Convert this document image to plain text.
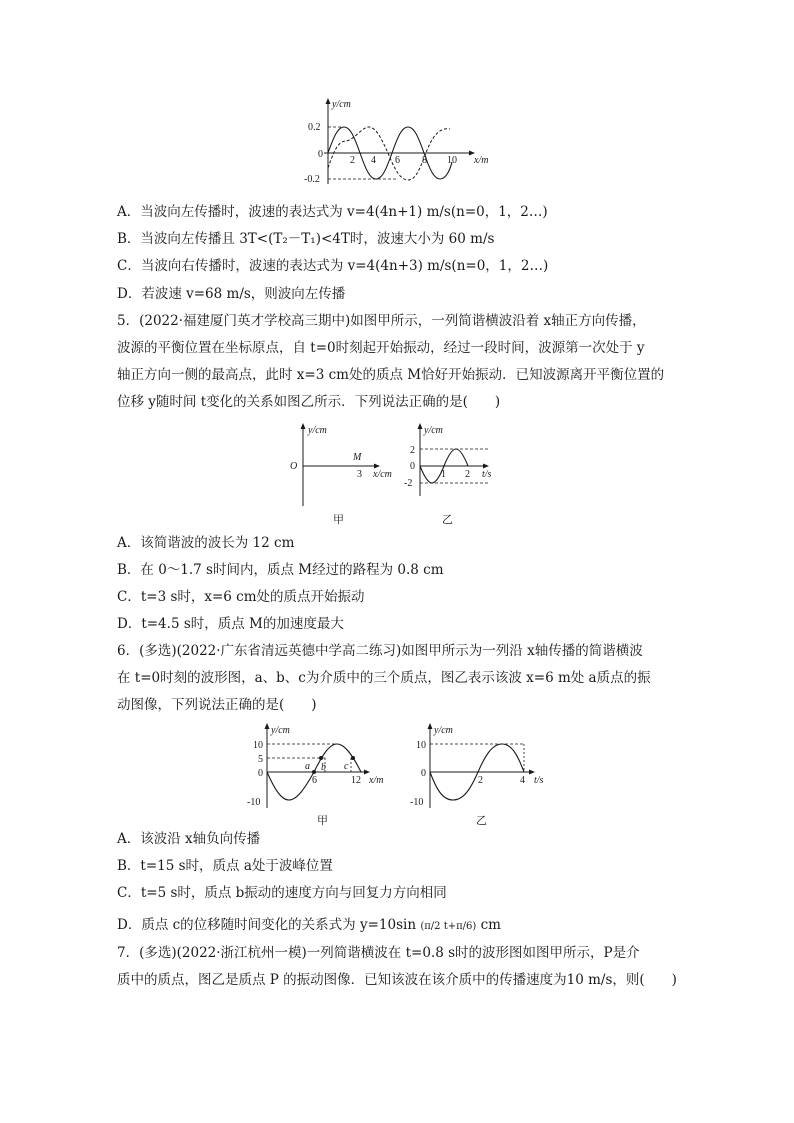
y/cm
x/m
0.2
0
-0.2
2 4 6 8 10
A．当波向左传播时，波速的表达式为 v=4(4n+1) m/s(n=0，1，2…)
B．当波向左传播且 3T<(T₂－T₁)<4T时，波速大小为 60 m/s
C．当波向右传播时，波速的表达式为 v=4(4n+3) m/s(n=0，1，2…)
D．若波速 v=68 m/s，则波向左传播
5．(2022·福建厦门英才学校高三期中)如图甲所示，一列简谐横波沿着 x轴正方向传播，
波源的平衡位置在坐标原点，自 t=0时刻起开始振动，经过一段时间，波源第一次处于 y
轴正方向一侧的最高点，此时 x=3 cm处的质点 M恰好开始振动．已知波源离开平衡位置的
位移 y随时间 t变化的关系如图乙所示．下列说法正确的是(　　)
y/cm
x/cm
O
M
3
甲
y/cm
t/s
2
0
-2
1 2
乙
A．该简谐波的波长为 12 cm
B．在 0～1.7 s时间内，质点 M经过的路程为 0.8 cm
C．t=3 s时，x=6 cm处的质点开始振动
D．t=4.5 s时，质点 M的加速度最大
6．(多选)(2022·广东省清远英德中学高二练习)如图甲所示为一列沿 x轴传播的简谐横波
在 t=0时刻的波形图，a、b、c为介质中的三个质点，图乙表示该波 x=6 m处 a质点的振
动图像，下列说法正确的是(　　)
y/cm
x/m
10
5
0
-10
6	12
a b c
甲
y/cm
t/s
10
0
-10
2	4
乙
A．该波沿 x轴负向传播
B．t=15 s时，质点 a处于波峰位置
C．t=5 s时，质点 b振动的速度方向与回复力方向相同
D．质点 c的位移随时间变化的关系式为 y=10sin (π/2 t+π/6) cm
7．(多选)(2022·浙江杭州一模)一列简谐横波在 t=0.8 s时的波形图如图甲所示，P是介
质中的质点，图乙是质点 P 的振动图像．已知该波在该介质中的传播速度为10 m/s，则(　　)
